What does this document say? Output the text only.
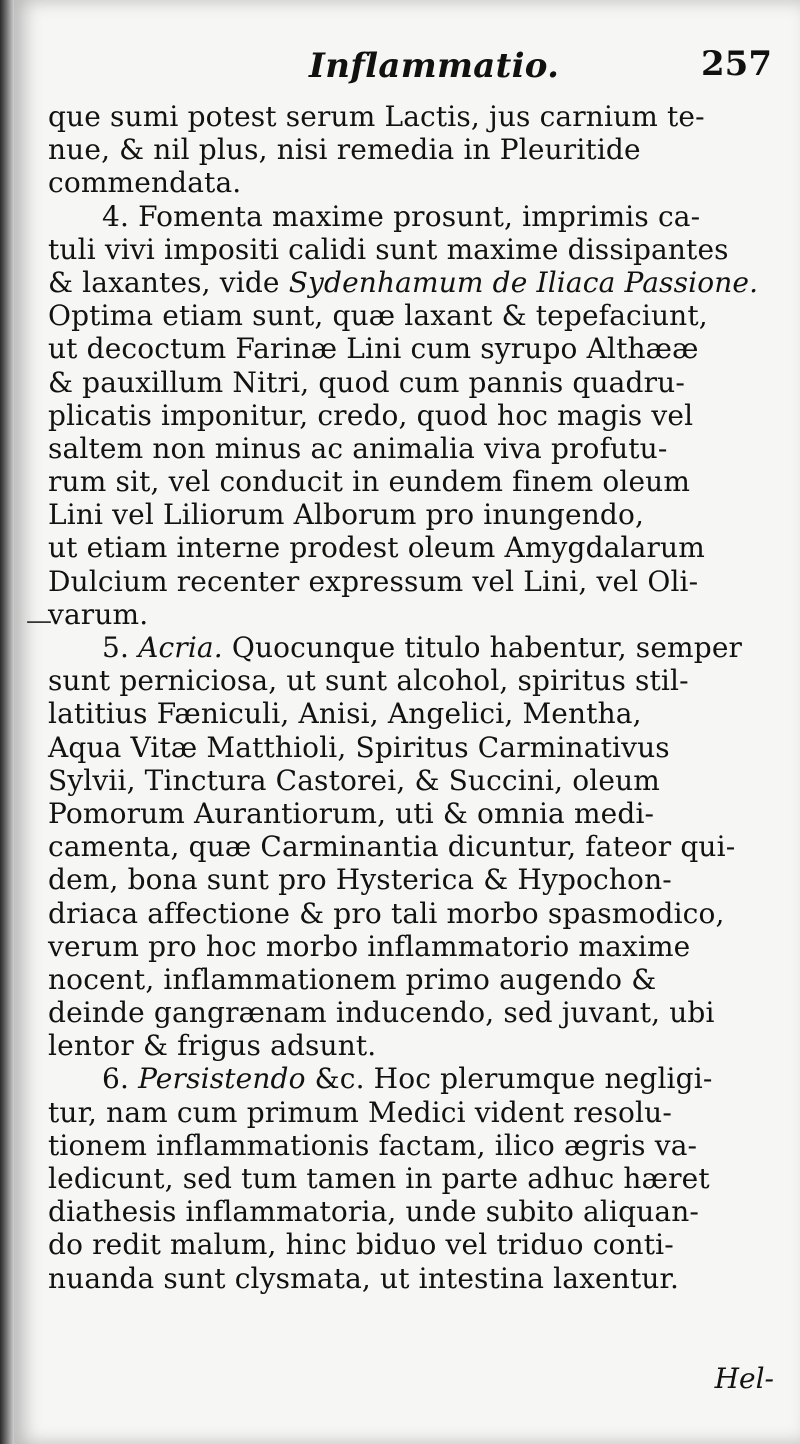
Inflammatio.	257
—
que sumi potest serum Lactis, jus carnium te-
nue, & nil plus, nisi remedia in Pleuritide
commendata.
4. Fomenta maxime prosunt, imprimis ca-
tuli vivi impositi calidi sunt maxime dissipantes
& laxantes, vide Sydenhamum de Iliaca Passione.
Optima etiam sunt, quæ laxant & tepefaciunt,
ut decoctum Farinæ Lini cum syrupo Althææ
& pauxillum Nitri, quod cum pannis quadru-
plicatis imponitur, credo, quod hoc magis vel
saltem non minus ac animalia viva profutu-
rum sit, vel conducit in eundem finem oleum
Lini vel Liliorum Alborum pro inungendo,
ut etiam interne prodest oleum Amygdalarum
Dulcium recenter expressum vel Lini, vel Oli-
varum.
5. Acria. Quocunque titulo habentur, semper
sunt perniciosa, ut sunt alcohol, spiritus stil-
latitius Fæniculi, Anisi, Angelici, Mentha,
Aqua Vitæ Matthioli, Spiritus Carminativus
Sylvii, Tinctura Castorei, & Succini, oleum
Pomorum Aurantiorum, uti & omnia medi-
camenta, quæ Carminantia dicuntur, fateor qui-
dem, bona sunt pro Hysterica & Hypochon-
driaca affectione & pro tali morbo spasmodico,
verum pro hoc morbo inflammatorio maxime
nocent, inflammationem primo augendo &
deinde gangrænam inducendo, sed juvant, ubi
lentor & frigus adsunt.
6. Persistendo &c. Hoc plerumque negligi-
tur, nam cum primum Medici vident resolu-
tionem inflammationis factam, ilico ægris va-
ledicunt, sed tum tamen in parte adhuc hæret
diathesis inflammatoria, unde subito aliquan-
do redit malum, hinc biduo vel triduo conti-
nuanda sunt clysmata, ut intestina laxentur.
Hel-
